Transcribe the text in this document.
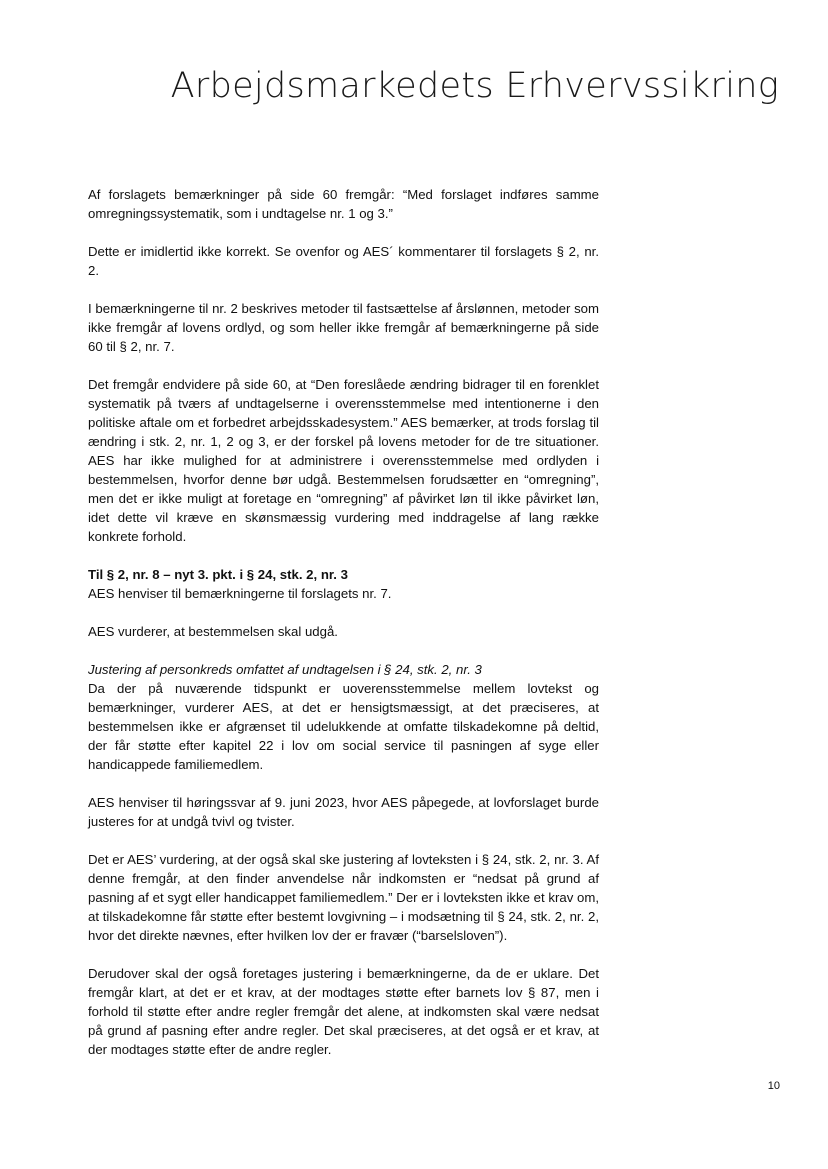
Arbejdsmarkedets Erhvervssikring

Af forslagets bemærkninger på side 60 fremgår: “Med forslaget indføres samme omregningssystematik, som i undtagelse nr. 1 og 3.”

Dette er imidlertid ikke korrekt. Se ovenfor og AES´ kommentarer til forslagets § 2, nr. 2.

I bemærkningerne til nr. 2 beskrives metoder til fastsættelse af årslønnen, metoder som ikke fremgår af lovens ordlyd, og som heller ikke fremgår af bemærkningerne på side 60 til § 2, nr. 7.

Det fremgår endvidere på side 60, at “Den foreslåede ændring bidrager til en forenklet systematik på tværs af undtagelserne i overensstemmelse med intentionerne i den politiske aftale om et forbedret arbejdsskadesystem.” AES bemærker, at trods forslag til ændring i stk. 2, nr. 1, 2 og 3, er der forskel på lovens metoder for de tre situationer. AES har ikke mulighed for at administrere i overensstemmelse med ordlyden i bestemmelsen, hvorfor denne bør udgå. Bestemmelsen forudsætter en “omregning”, men det er ikke muligt at foretage en “omregning” af påvirket løn til ikke påvirket løn, idet dette vil kræve en skønsmæssig vurdering med inddragelse af lang række konkrete forhold.

Til § 2, nr. 8 – nyt 3. pkt. i § 24, stk. 2, nr. 3

AES henviser til bemærkningerne til forslagets nr. 7.

AES vurderer, at bestemmelsen skal udgå.

Justering af personkreds omfattet af undtagelsen i § 24, stk. 2, nr. 3

Da der på nuværende tidspunkt er uoverensstemmelse mellem lovtekst og bemærkninger, vurderer AES, at det er hensigtsmæssigt, at det præciseres, at bestemmelsen ikke er afgrænset til udelukkende at omfatte tilskadekomne på deltid, der får støtte efter kapitel 22 i lov om social service til pasningen af syge eller handicappede familiemedlem.

AES henviser til høringssvar af 9. juni 2023, hvor AES påpegede, at lovforslaget burde justeres for at undgå tvivl og tvister.

Det er AES’ vurdering, at der også skal ske justering af lovteksten i § 24, stk. 2, nr. 3. Af denne fremgår, at den finder anvendelse når indkomsten er “nedsat på grund af pasning af et sygt eller handicappet familiemedlem.” Der er i lovteksten ikke et krav om, at tilskadekomne får støtte efter bestemt lovgivning – i modsætning til § 24, stk. 2, nr. 2, hvor det direkte nævnes, efter hvilken lov der er fravær (“barselsloven”).

Derudover skal der også foretages justering i bemærkningerne, da de er uklare. Det fremgår klart, at det er et krav, at der modtages støtte efter barnets lov § 87, men i forhold til støtte efter andre regler fremgår det alene, at indkomsten skal være nedsat på grund af pasning efter andre regler. Det skal præciseres, at det også er et krav, at der modtages støtte efter de andre regler.

10
